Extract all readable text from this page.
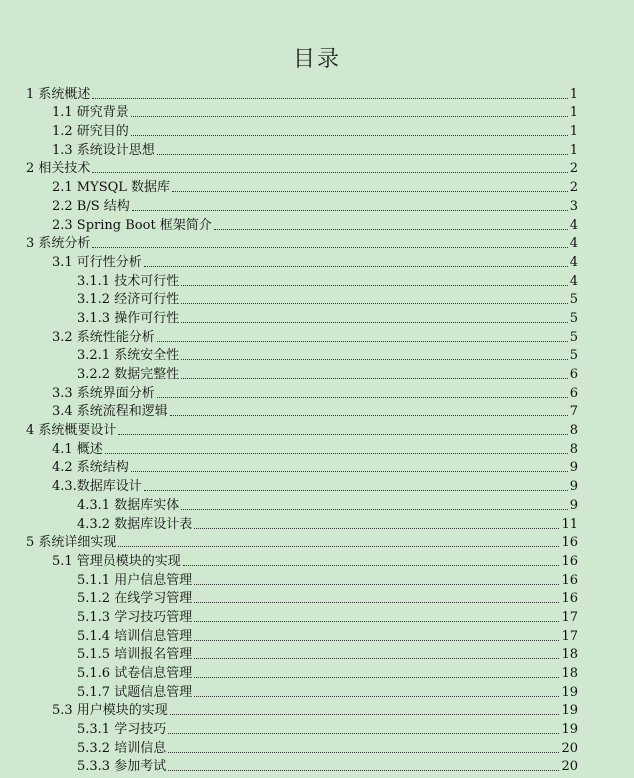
目录
1 系统概述	1
1.1 研究背景	1
1.2 研究目的	1
1.3 系统设计思想	1
2 相关技术	2
2.1 MYSQL 数据库	2
2.2 B/S 结构	3
2.3 Spring Boot 框架简介	4
3 系统分析	4
3.1 可行性分析	4
3.1.1 技术可行性	4
3.1.2 经济可行性	5
3.1.3 操作可行性	5
3.2 系统性能分析	5
3.2.1 系统安全性	5
3.2.2 数据完整性	6
3.3 系统界面分析	6
3.4 系统流程和逻辑	7
4 系统概要设计	8
4.1 概述	8
4.2 系统结构	9
4.3.数据库设计	9
4.3.1 数据库实体	9
4.3.2 数据库设计表	11
5 系统详细实现	16
5.1 管理员模块的实现	16
5.1.1 用户信息管理	16
5.1.2 在线学习管理	16
5.1.3 学习技巧管理	17
5.1.4 培训信息管理	17
5.1.5 培训报名管理	18
5.1.6 试卷信息管理	18
5.1.7 试题信息管理	19
5.3 用户模块的实现	19
5.3.1 学习技巧	19
5.3.2 培训信息	20
5.3.3 参加考试	20
